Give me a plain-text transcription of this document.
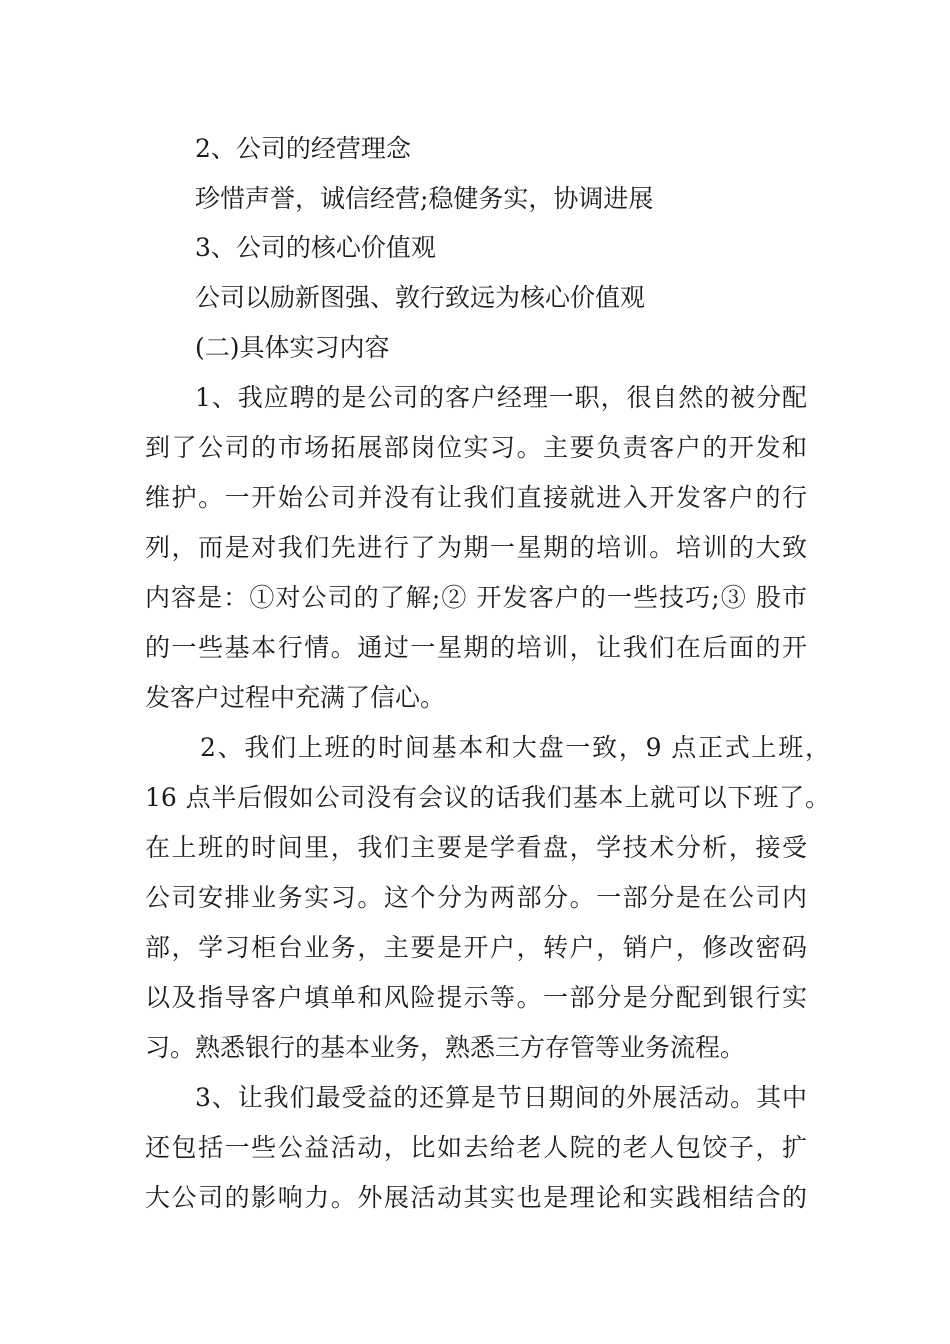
2、公司的经营理念
珍惜声誉，诚信经营;稳健务实，协调进展
3、公司的核心价值观
公司以励新图强、敦行致远为核心价值观
(二)具体实习内容
1、我应聘的是公司的客户经理一职，很自然的被分配
到了公司的市场拓展部岗位实习。主要负责客户的开发和
维护。一开始公司并没有让我们直接就进入开发客户的行
列，而是对我们先进行了为期一星期的培训。培训的大致
内容是：①对公司的了解;② 开发客户的一些技巧;③ 股市
的一些基本行情。通过一星期的培训，让我们在后面的开
发客户过程中充满了信心。
2、我们上班的时间基本和大盘一致，9 点正式上班，
16 点半后假如公司没有会议的话我们基本上就可以下班了。
在上班的时间里，我们主要是学看盘，学技术分析，接受
公司安排业务实习。这个分为两部分。一部分是在公司内
部，学习柜台业务，主要是开户，转户，销户，修改密码
以及指导客户填单和风险提示等。一部分是分配到银行实
习。熟悉银行的基本业务，熟悉三方存管等业务流程。
3、让我们最受益的还算是节日期间的外展活动。其中
还包括一些公益活动，比如去给老人院的老人包饺子，扩
大公司的影响力。外展活动其实也是理论和实践相结合的
